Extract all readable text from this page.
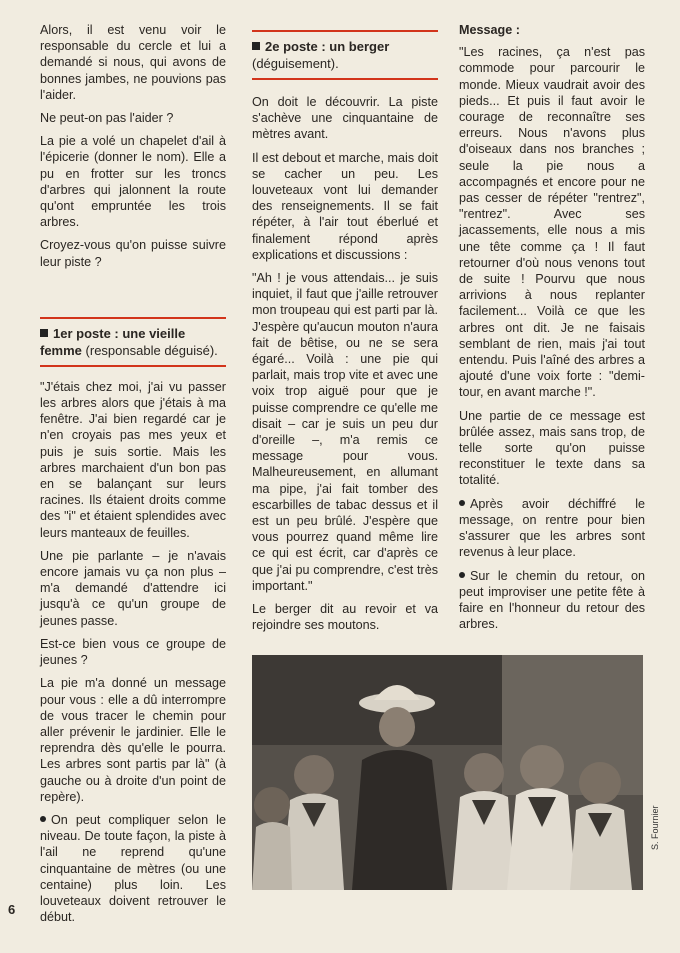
Alors, il est venu voir le responsable du cercle et lui a demandé si nous, qui avons de bonnes jambes, ne pouvions pas l'aider.

Ne peut-on pas l'aider ?

La pie a volé un chapelet d'ail à l'épicerie (donner le nom). Elle a pu en frotter sur les troncs d'arbres qui jalonnent la route qu'ont empruntée les trois arbres.

Croyez-vous qu'on puisse suivre leur piste ?

1er poste : une vieille femme (responsable déguisé).

"J'étais chez moi, j'ai vu passer les arbres alors que j'étais à ma fenêtre. J'ai bien regardé car je n'en croyais pas mes yeux et puis je suis sortie. Mais les arbres marchaient d'un bon pas en se balançant sur leurs racines. Ils étaient droits comme des "i" et étaient splendides avec leurs manteaux de feuilles.

Une pie parlante – je n'avais encore jamais vu ça non plus – m'a demandé d'attendre ici jusqu'à ce qu'un groupe de jeunes passe.

Est-ce bien vous ce groupe de jeunes ?

La pie m'a donné un message pour vous : elle a dû interrompre de vous tracer le chemin pour aller prévenir le jardinier. Elle le reprendra dès qu'elle le pourra. Les arbres sont partis par là" (à gauche ou à droite d'un point de repère).

On peut compliquer selon le niveau. De toute façon, la piste à l'ail ne reprend qu'une cinquantaine de mètres (ou une centaine) plus loin. Les louveteaux doivent retrouver le début.

2e poste : un berger (déguisement).

On doit le découvrir. La piste s'achève une cinquantaine de mètres avant.

Il est debout et marche, mais doit se cacher un peu. Les louveteaux vont lui demander des renseignements. Il se fait répéter, à l'air tout éberlué et finalement répond après explications et discussions :

"Ah ! je vous attendais... je suis inquiet, il faut que j'aille retrouver mon troupeau qui est parti par là. J'espère qu'aucun mouton n'aura fait de bêtise, ou ne se sera égaré... Voilà : une pie qui parlait, mais trop vite et avec une voix trop aiguë pour que je puisse comprendre ce qu'elle me disait – car je suis un peu dur d'oreille –, m'a remis ce message pour vous. Malheureusement, en allumant ma pipe, j'ai fait tomber des escarbilles de tabac dessus et il est un peu brûlé. J'espère que vous pourrez quand même lire ce qui est écrit, car d'après ce que j'ai pu comprendre, c'est très important."

Le berger dit au revoir et va rejoindre ses moutons.

Message :

"Les racines, ça n'est pas commode pour parcourir le monde. Mieux vaudrait avoir des pieds... Et puis il faut avoir le courage de reconnaître ses erreurs. Nous n'avons plus d'oiseaux dans nos branches ; seule la pie nous a accompagnés et encore pour ne pas cesser de répéter "rentrez", "rentrez". Avec ses jacassements, elle nous a mis une tête comme ça ! Il faut retourner d'où nous venons tout de suite ! Pourvu que nous arrivions à nous replanter facilement... Voilà ce que les arbres ont dit. Je ne faisais semblant de rien, mais j'ai tout entendu. Puis l'aîné des arbres a ajouté d'une voix forte : "demi-tour, en avant marche !".

Une partie de ce message est brûlée assez, mais sans trop, de telle sorte qu'on puisse reconstituer le texte dans sa totalité.

Après avoir déchiffré le message, on rentre pour bien s'assurer que les arbres sont revenus à leur place.

Sur le chemin du retour, on peut improviser une petite fête à faire en l'honneur du retour des arbres.

S. Fournier
6
